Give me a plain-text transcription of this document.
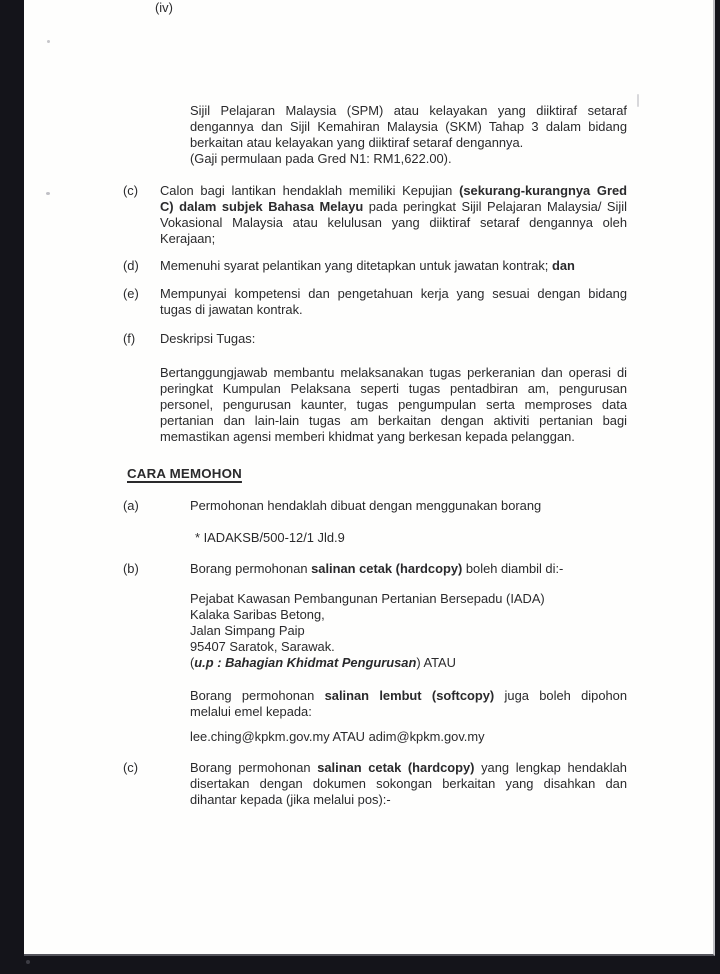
(iv)
Sijil Pelajaran Malaysia (SPM) atau kelayakan yang diiktiraf setaraf
dengannya dan Sijil Kemahiran Malaysia (SKM) Tahap 3 dalam bidang
berkaitan atau kelayakan yang diiktiraf setaraf dengannya.
(Gaji permulaan pada Gred N1: RM1,622.00).
(c) Calon bagi lantikan hendaklah memiliki Kepujian (sekurang-kurangnya Gred
C) dalam subjek Bahasa Melayu pada peringkat Sijil Pelajaran Malaysia/ Sijil
Vokasional Malaysia atau kelulusan yang diiktiraf setaraf dengannya oleh
Kerajaan;
(d) Memenuhi syarat pelantikan yang ditetapkan untuk jawatan kontrak; dan
(e) Mempunyai kompetensi dan pengetahuan kerja yang sesuai dengan bidang
tugas di jawatan kontrak.
(f) Deskripsi Tugas:
Bertanggungjawab membantu melaksanakan tugas perkeranian dan operasi di
peringkat Kumpulan Pelaksana seperti tugas pentadbiran am, pengurusan
personel, pengurusan kaunter, tugas pengumpulan serta memproses data
pertanian dan lain-lain tugas am berkaitan dengan aktiviti pertanian bagi
memastikan agensi memberi khidmat yang berkesan kepada pelanggan.
CARA MEMOHON
(a)	Permohonan hendaklah dibuat dengan menggunakan borang
* IADAKSB/500-12/1 Jld.9
(b)	Borang permohonan salinan cetak (hardcopy) boleh diambil di:-
Pejabat Kawasan Pembangunan Pertanian Bersepadu (IADA)
Kalaka Saribas Betong,
Jalan Simpang Paip
95407 Saratok, Sarawak.
(u.p : Bahagian Khidmat Pengurusan) ATAU
Borang permohonan salinan lembut (softcopy) juga boleh dipohon
melalui emel kepada:
lee.ching@kpkm.gov.my ATAU adim@kpkm.gov.my
(c)	Borang permohonan salinan cetak (hardcopy) yang lengkap hendaklah
disertakan dengan dokumen sokongan berkaitan yang disahkan dan
dihantar kepada (jika melalui pos):-
